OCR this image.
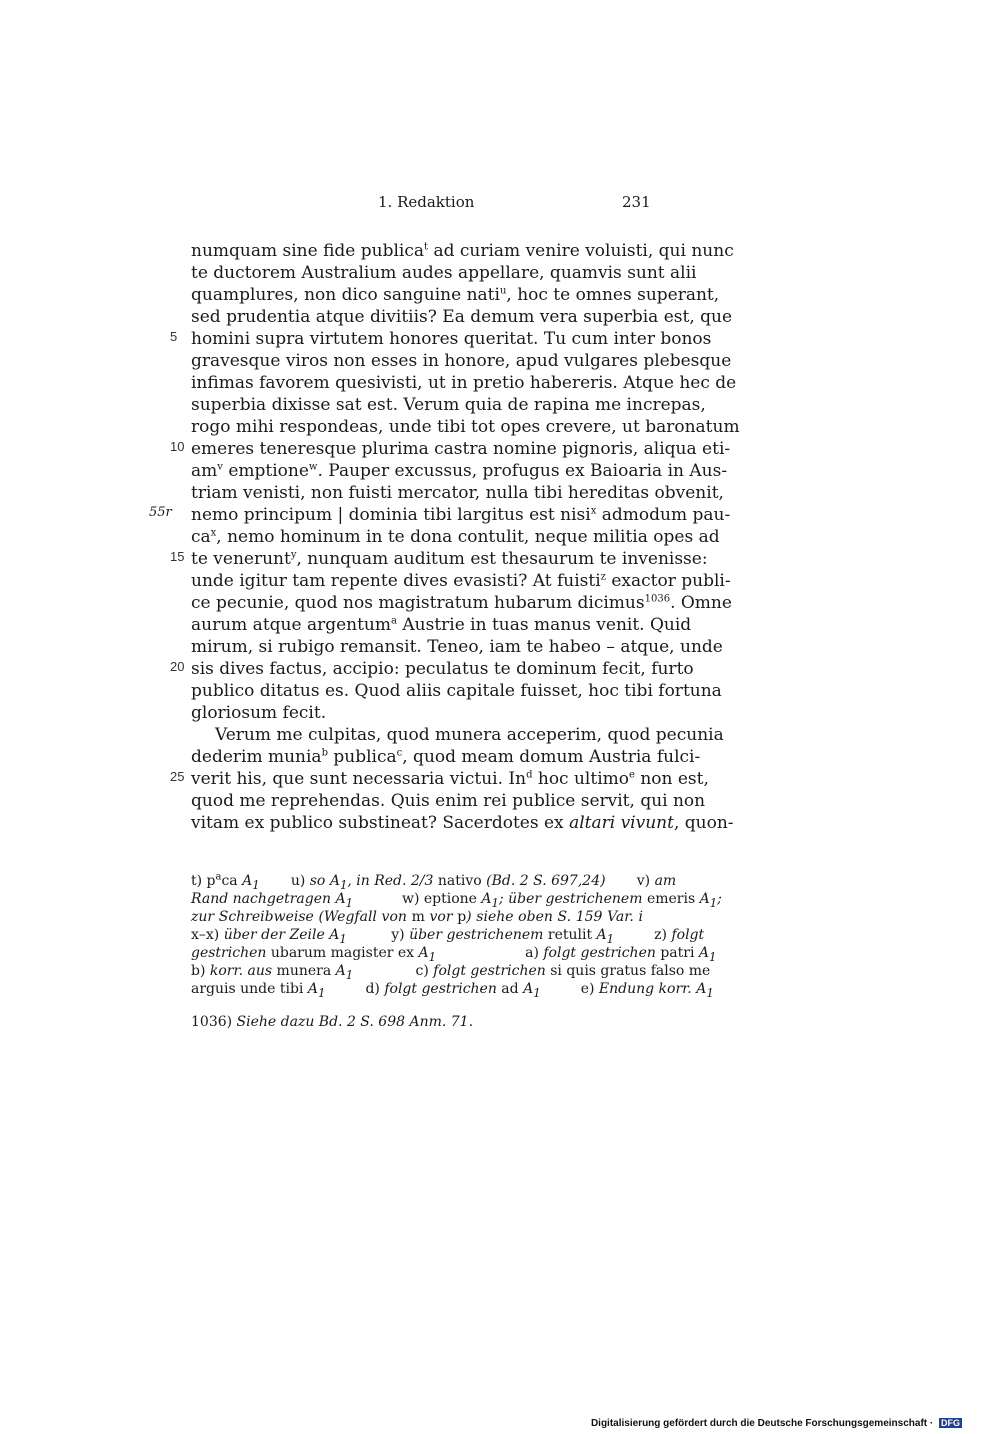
1. Redaktion	231
5
10
15
20
25
55r
numquam sine fide publica$^t$ ad curiam venire voluisti, qui nunc
te ductorem Australium audes appellare, quamvis sunt alii
quamplures, non dico sanguine nati$^u$, hoc te omnes superant,
sed prudentia atque divitiis? Ea demum vera superbia est, que
homini supra virtutem honores queritat. Tu cum inter bonos
gravesque viros non esses in honore, apud vulgares plebesque
infimas favorem quesivisti, ut in pretio habereris. Atque hec de
superbia dixisse sat est. Verum quia de rapina me increpas,
rogo mihi respondeas, unde tibi tot opes crevere, ut baronatum
emeres teneresque plurima castra nomine pignoris, aliqua eti-
$am^v$ emptione$^w$. Pauper excussus, profugus ex Baioaria in Aus-
triam venisti, non fuisti mercator, nulla tibi hereditas obvenit,
nemo principum | dominia tibi largitus est nisi$^x$ admodum pau-
$ca^x$, nemo hominum in te dona contulit, neque militia opes ad
te venerunt$^y$, nunquam auditum est thesaurum te invenisse:
unde igitur tam repente dives evasisti? At fuisti$^z$ exactor publi-
ce pecunie, quod nos magistratum hubarum dicimus$^{1036}$. Omne
aurum atque argentum$^a$ Austrie in tuas manus venit. Quid
mirum, si rubigo remansit. Teneo, iam te habeo – atque, unde
sis dives factus, accipio: peculatus te dominum fecit, furto
publico ditatus es. Quod aliis capitale fuisset, hoc tibi fortuna
gloriosum fecit.
Verum me culpitas, quod munera acceperim, quod pecunia
dederim munia$^b$ publica$^c$, quod meam domum Austria fulci-
verit his, que sunt necessaria victui. In$^d$ hoc ultimo$^e$ non est,
quod me reprehendas. Quis enim rei publice servit, qui non
vitam ex publico substineat? Sacerdotes ex altari vivunt, quon-
t) $p^aca$ $A_1$ u) so $A_1$, in Red. 2/3 nativo (Bd. 2 S. 697,24) v) am
Rand nachgetragen $A_1$	w) eptione $A_1$; über gestrichenem emeris $A_1$;
zur Schreibweise (Wegfall von m vor p) siehe oben S. 159 Var. i
x–x) über der Zeile $A_1$	y) über gestrichenem retulit $A_1$	z) folgt
gestrichen ubarum magister ex $A_1$	a) folgt gestrichen patri $A_1$
b) korr. aus munera $A_1$	c) folgt gestrichen si quis gratus falso me
arguis unde tibi $A_1$	d) folgt gestrichen ad $A_1$	e) Endung korr. $A_1$
1036) Siehe dazu Bd. 2 S. 698 Anm. 71.
Digitalisierung gefördert durch die Deutsche Forschungsgemeinschaft · DFG
